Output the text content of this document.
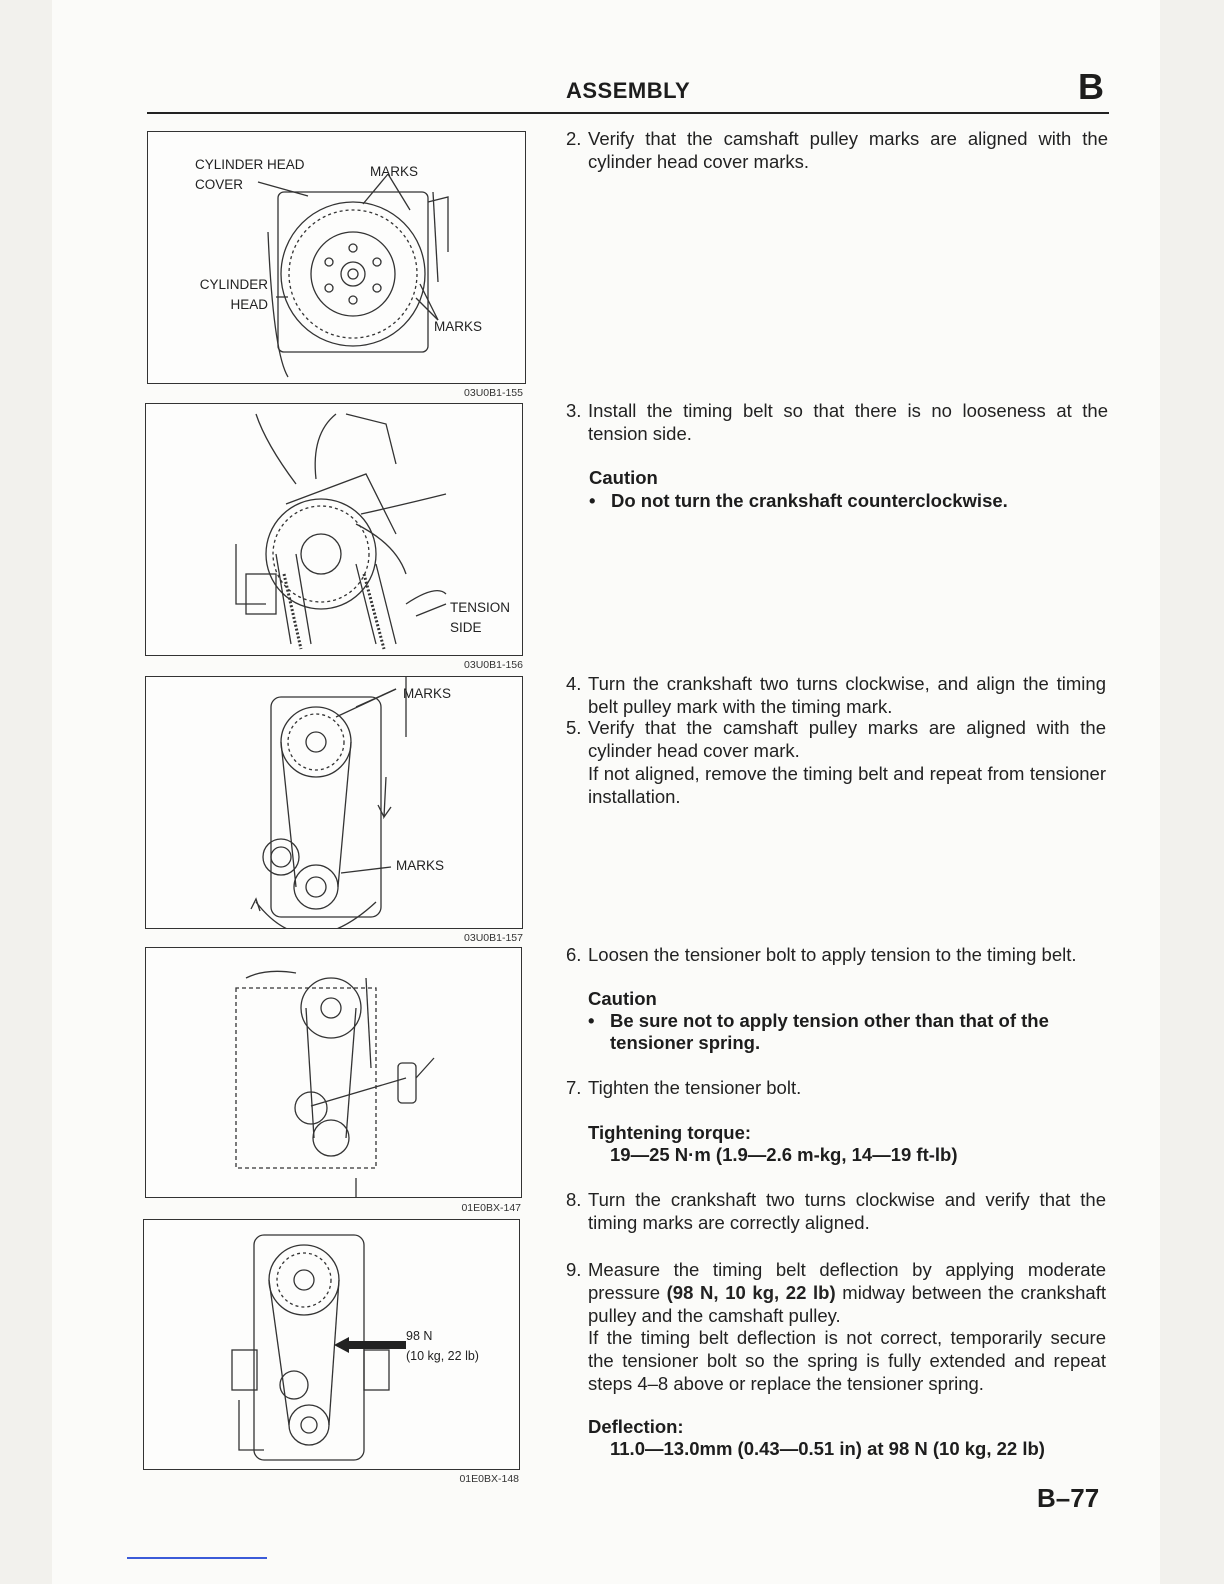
ASSEMBLY	B
CYLINDER HEAD
COVER
MARKS
CYLINDER
HEAD
MARKS
03U0B1-155
TENSION
SIDE
03U0B1-156
MARKS
MARKS
03U0B1-157
01E0BX-147
98 N
(10 kg, 22 lb)
01E0BX-148
2. Verify that the camshaft pulley marks are aligned with the cylinder head cover marks.
3. Install the timing belt so that there is no looseness at the tension side.
Caution
• Do not turn the crankshaft counterclockwise.
4. Turn the crankshaft two turns clockwise, and align the timing belt pulley mark with the timing mark.
5. Verify that the camshaft pulley marks are aligned with the cylinder head cover mark.
If not aligned, remove the timing belt and repeat from tensioner installation.
6. Loosen the tensioner bolt to apply tension to the timing belt.
Caution
• Be sure not to apply tension other than that of the tensioner spring.
7. Tighten the tensioner bolt.
Tightening torque:
19—25 N·m (1.9—2.6 m-kg, 14—19 ft-lb)
8. Turn the crankshaft two turns clockwise and verify that the timing marks are correctly aligned.
9. Measure the timing belt deflection by applying moderate pressure (98 N, 10 kg, 22 lb) midway between the crankshaft pulley and the camshaft pulley.
If the timing belt deflection is not correct, temporarily secure the tensioner bolt so the spring is fully extended and repeat steps 4–8 above or replace the tensioner spring.
Deflection:
11.0—13.0mm (0.43—0.51 in) at 98 N (10 kg, 22 lb)
B–77
